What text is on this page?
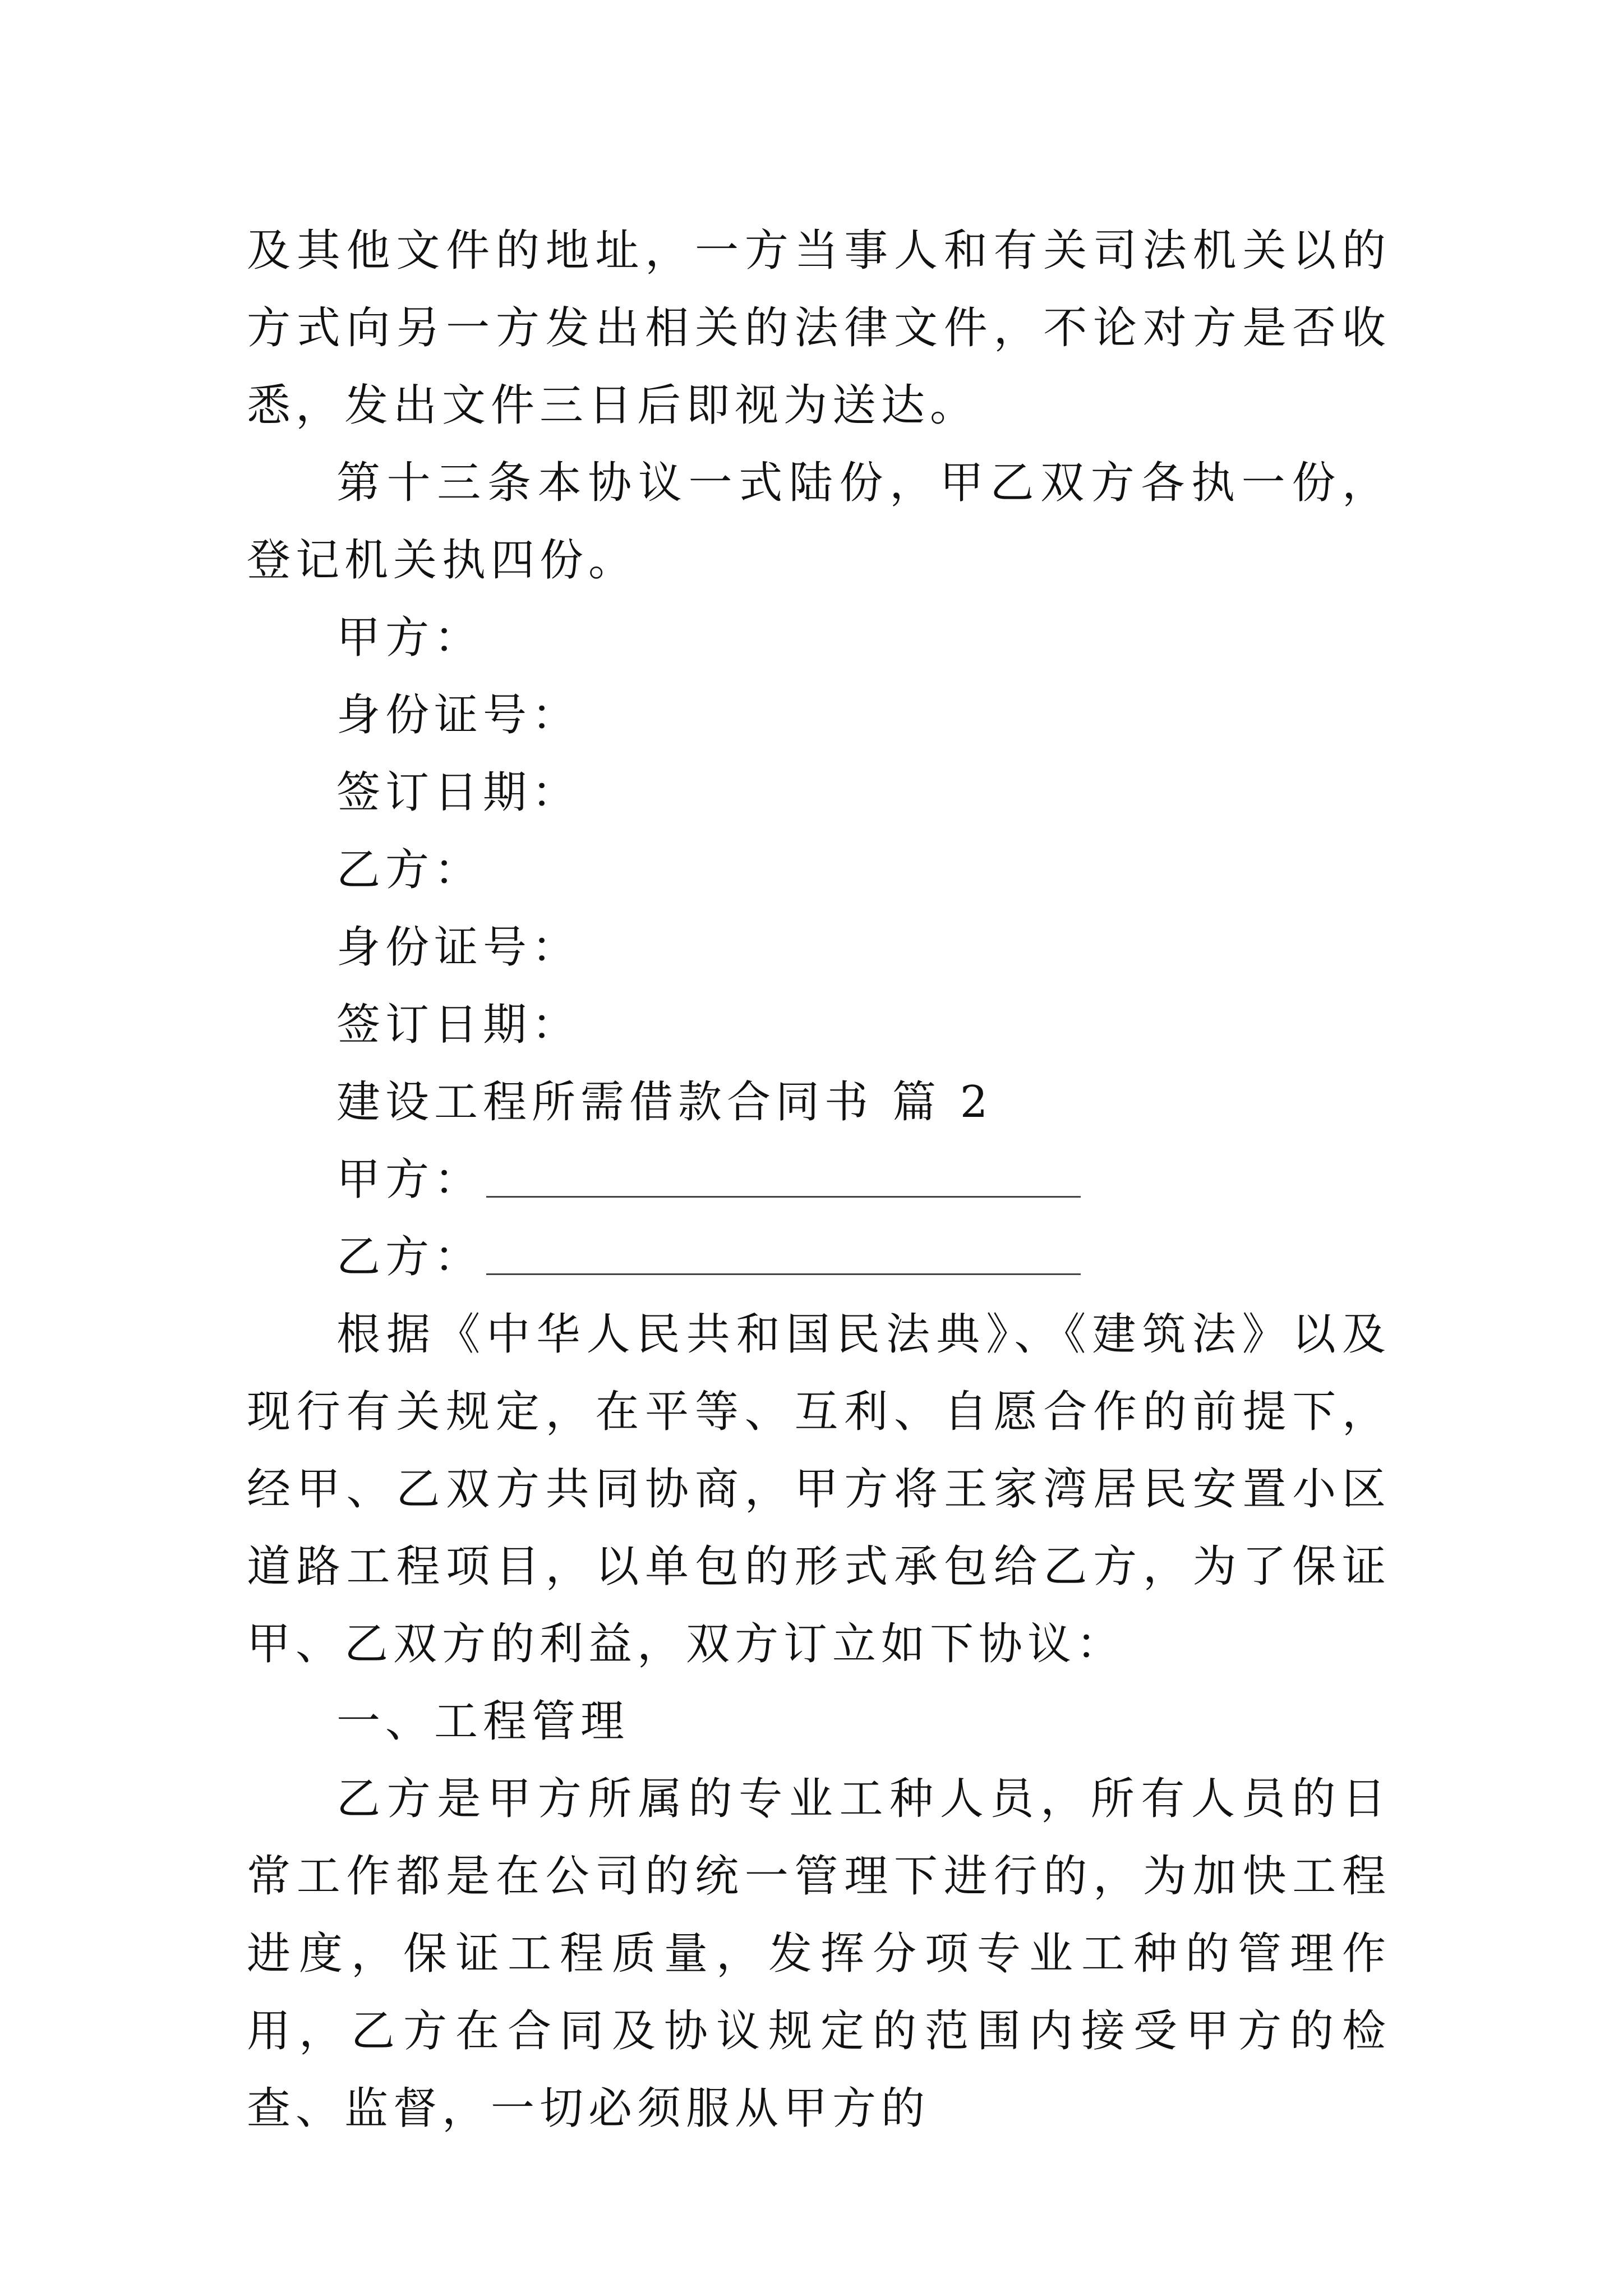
及其他文件的地址，一方当事人和有关司法机关以的方式向另一方发出相关的法律文件，不论对方是否收悉，发出文件三日后即视为送达。

第十三条本协议一式陆份，甲乙双方各执一份，登记机关执四份。

甲方：

身份证号：

签订日期：

乙方：

身份证号：

签订日期：

建设工程所需借款合同书 篇 2

甲方：

乙方：

根据《中华人民共和国民法典》、《建筑法》以及现行有关规定，在平等、互利、自愿合作的前提下，经甲、乙双方共同协商，甲方将王家湾居民安置小区道路工程项目，以单包的形式承包给乙方，为了保证甲、乙双方的利益，双方订立如下协议：

一、工程管理

乙方是甲方所属的专业工种人员，所有人员的日常工作都是在公司的统一管理下进行的，为加快工程进度，保证工程质量，发挥分项专业工种的管理作用，乙方在合同及协议规定的范围内接受甲方的检查、监督，一切必须服从甲方的
